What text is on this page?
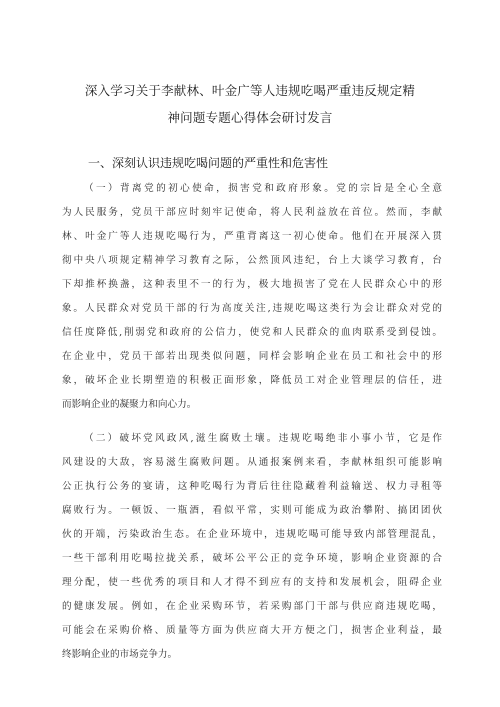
深入学习关于李献林、叶金广等人违规吃喝严重违反规定精
神问题专题心得体会研讨发言
一、深刻认识违规吃喝问题的严重性和危害性
（一）背离党的初心使命，损害党和政府形象。党的宗旨是全心全意
为人民服务，党员干部应时刻牢记使命，将人民利益放在首位。然而，李献
林、叶金广等人违规吃喝行为，严重背离这一初心使命。他们在开展深入贯
彻中央八项规定精神学习教育之际，公然顶风违纪，台上大谈学习教育，台
下却推杯换盏，这种表里不一的行为，极大地损害了党在人民群众心中的形
象。人民群众对党员干部的行为高度关注,违规吃喝这类行为会让群众对党的
信任度降低,削弱党和政府的公信力，使党和人民群众的血肉联系受到侵蚀。
在企业中，党员干部若出现类似问题，同样会影响企业在员工和社会中的形
象，破坏企业长期塑造的积极正面形象，降低员工对企业管理层的信任，进
而影响企业的凝聚力和向心力。
（二）破坏党风政风,滋生腐败土壤。违规吃喝绝非小事小节，它是作
风建设的大敌，容易滋生腐败问题。从通报案例来看，李献林组织可能影响
公正执行公务的宴请，这种吃喝行为背后往往隐藏着利益输送、权力寻租等
腐败行为。一顿饭、一瓶酒，看似平常，实则可能成为政治攀附、搞团团伙
伙的开端，污染政治生态。在企业环境中，违规吃喝可能导致内部管理混乱，
一些干部利用吃喝拉拢关系，破坏公平公正的竞争环境，影响企业资源的合
理分配，使一些优秀的项目和人才得不到应有的支持和发展机会，阻碍企业
的健康发展。例如，在企业采购环节，若采购部门干部与供应商违规吃喝，
可能会在采购价格、质量等方面为供应商大开方便之门，损害企业利益，最
终影响企业的市场竞争力。
